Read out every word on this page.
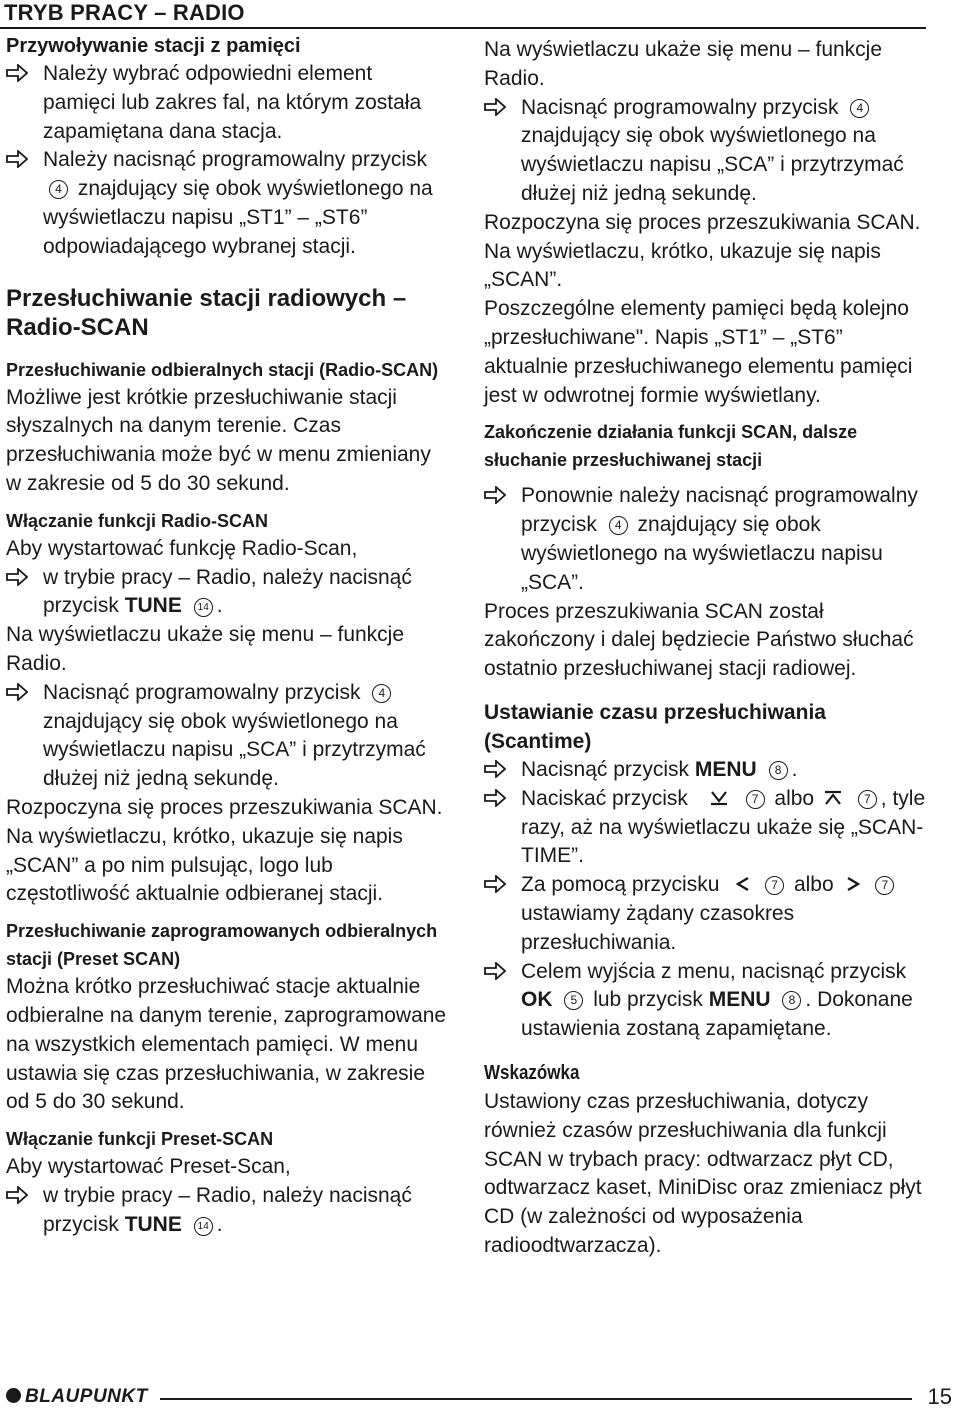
TRYB PRACY – RADIO

Przywoływanie stacji z pamięci

Należy wybrać odpowiedni element pamięci lub zakres fal, na którym została zapamiętana dana stacja.
Należy nacisnąć programowalny przycisk 4 znajdujący się obok wyświetlonego na wyświetlaczu napisu „ST1” – „ST6” odpowiadającego wybranej stacji.

Przesłuchiwanie stacji radiowych – Radio-SCAN

Przesłuchiwanie odbieralnych stacji (Radio-SCAN)

Możliwe jest krótkie przesłuchiwanie stacji słyszalnych na danym terenie. Czas przesłuchiwania może być w menu zmieniany w zakresie od 5 do 30 sekund.

Włączanie funkcji Radio-SCAN

Aby wystartować funkcję Radio-Scan,

w trybie pracy – Radio, należy nacisnąć przycisk TUNE 14 .

Na wyświetlaczu ukaże się menu – funkcje Radio.

Nacisnąć programowalny przycisk 4 znajdujący się obok wyświetlonego na wyświetlaczu napisu „SCA” i przytrzymać dłużej niż jedną sekundę.

Rozpoczyna się proces przeszukiwania SCAN. Na wyświetlaczu, krótko, ukazuje się napis „SCAN” a po nim pulsując, logo lub częstotliwość aktualnie odbieranej stacji.

Przesłuchiwanie zaprogramowanych odbieralnych stacji (Preset SCAN)

Można krótko przesłuchiwać stacje aktualnie odbieralne na danym terenie, zaprogramowane na wszystkich elementach pamięci. W menu ustawia się czas przesłuchiwania, w zakresie od 5 do 30 sekund.

Włączanie funkcji Preset-SCAN

Aby wystartować Preset-Scan,

w trybie pracy – Radio, należy nacisnąć przycisk TUNE 14 .

Na wyświetlaczu ukaże się menu – funkcje Radio.

Nacisnąć programowalny przycisk 4 znajdujący się obok wyświetlonego na wyświetlaczu napisu „SCA” i przytrzymać dłużej niż jedną sekundę.

Rozpoczyna się proces przeszukiwania SCAN. Na wyświetlaczu, krótko, ukazuje się napis „SCAN”.

Poszczególne elementy pamięci będą kolejno „przesłuchiwane". Napis „ST1” – „ST6” aktualnie przesłuchiwanego elementu pamięci jest w odwrotnej formie wyświetlany.

Zakończenie działania funkcji SCAN, dalsze słuchanie przesłuchiwanej stacji

Ponownie należy nacisnąć programowalny przycisk 4 znajdujący się obok wyświetlonego na wyświetlaczu napisu „SCA”.

Proces przeszukiwania SCAN został zakończony i dalej będziecie Państwo słuchać ostatnio przesłuchiwanej stacji radiowej.

Ustawianie czasu przesłuchiwania (Scantime)

Nacisnąć przycisk MENU 8 .
Naciskać przycisk	7 albo	7 , tyle razy, aż na wyświetlaczu ukaże się „SCAN-TIME”.
Za pomocą przycisku	7 albo	7 ustawiamy żądany czasokres przesłuchiwania.
Celem wyjścia z menu, nacisnąć przycisk OK 5 lub przycisk MENU 8 . Dokonane ustawienia zostaną zapamiętane.

Wskazówka

Ustawiony czas przesłuchiwania, dotyczy również czasów przesłuchiwania dla funkcji SCAN w trybach pracy: odtwarzacz płyt CD, odtwarzacz kaset, MiniDisc oraz zmieniacz płyt CD (w zależności od wyposażenia radioodtwarzacza).

BLAUPUNKT	15
